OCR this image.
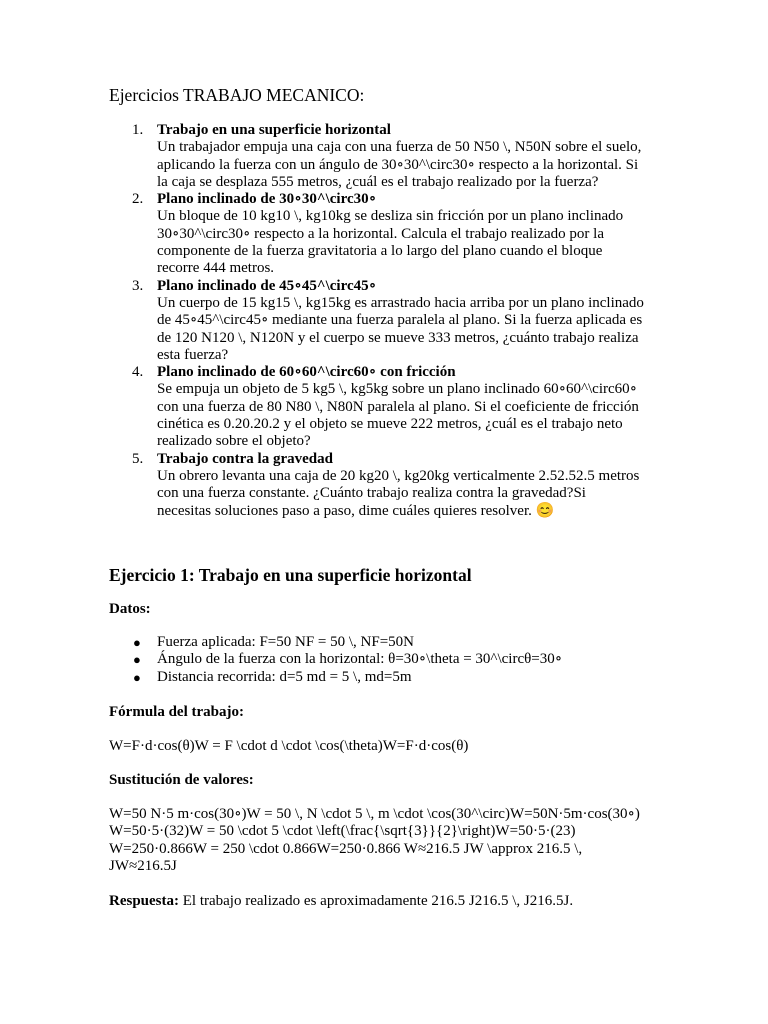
Ejercicios TRABAJO MECANICO:
1. Trabajo en una superficie horizontal
Un trabajador empuja una caja con una fuerza de 50 N50 \, N50N sobre el suelo,
aplicando la fuerza con un ángulo de 30∘30^\circ30∘ respecto a la horizontal. Si
la caja se desplaza 555 metros, ¿cuál es el trabajo realizado por la fuerza?
2. Plano inclinado de 30∘30^\circ30∘
Un bloque de 10 kg10 \, kg10kg se desliza sin fricción por un plano inclinado
30∘30^\circ30∘ respecto a la horizontal. Calcula el trabajo realizado por la
componente de la fuerza gravitatoria a lo largo del plano cuando el bloque
recorre 444 metros.
3. Plano inclinado de 45∘45^\circ45∘
Un cuerpo de 15 kg15 \, kg15kg es arrastrado hacia arriba por un plano inclinado
de 45∘45^\circ45∘ mediante una fuerza paralela al plano. Si la fuerza aplicada es
de 120 N120 \, N120N y el cuerpo se mueve 333 metros, ¿cuánto trabajo realiza
esta fuerza?
4. Plano inclinado de 60∘60^\circ60∘ con fricción
Se empuja un objeto de 5 kg5 \, kg5kg sobre un plano inclinado 60∘60^\circ60∘
con una fuerza de 80 N80 \, N80N paralela al plano. Si el coeficiente de fricción
cinética es 0.20.20.2 y el objeto se mueve 222 metros, ¿cuál es el trabajo neto
realizado sobre el objeto?
5. Trabajo contra la gravedad
Un obrero levanta una caja de 20 kg20 \, kg20kg verticalmente 2.52.52.5 metros
con una fuerza constante. ¿Cuánto trabajo realiza contra la gravedad?Si
necesitas soluciones paso a paso, dime cuáles quieres resolver. 😊
Ejercicio 1: Trabajo en una superficie horizontal

Datos:

● Fuerza aplicada: F=50 NF = 50 \, NF=50N
● Ángulo de la fuerza con la horizontal: θ=30∘\theta = 30^\circθ=30∘
● Distancia recorrida: d=5 md = 5 \, md=5m

Fórmula del trabajo:

W=F·d·cos(θ)W = F \cdot d \cdot \cos(\theta)W=F·d·cos(θ)

Sustitución de valores:

W=50 N·5 m·cos(30∘)W = 50 \, N \cdot 5 \, m \cdot \cos(30^\circ)W=50N·5m·cos(30∘)

W=50·5·(32)W = 50 \cdot 5 \cdot \left(\frac{\sqrt{3}}{2}\right)W=50·5·(23)

W=250·0.866W = 250 \cdot 0.866W=250·0.866 W≈216.5 JW \approx 216.5 \,

JW≈216.5J

Respuesta: El trabajo realizado es aproximadamente 216.5 J216.5 \, J216.5J.
